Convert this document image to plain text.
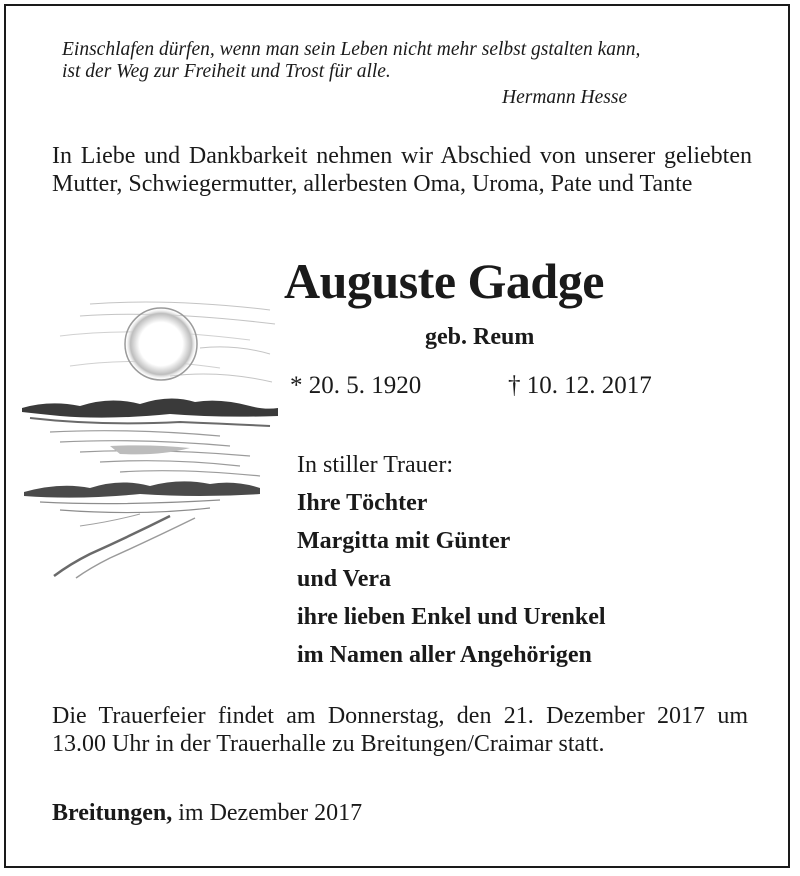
Einschlafen dürfen, wenn man sein Leben nicht mehr selbst gstalten kann,
ist der Weg zur Freiheit und Trost für alle.
Hermann Hesse
In Liebe und Dankbarkeit nehmen wir Abschied von unserer geliebten Mutter, Schwiegermutter, allerbesten Oma, Uroma, Pate und Tante
Auguste Gadge
geb. Reum
* 20. 5. 1920	† 10. 12. 2017
In stiller Trauer:
Ihre Töchter
Margitta mit Günter
und Vera
ihre lieben Enkel und Urenkel
im Namen aller Angehörigen
Die Trauerfeier findet am Donnerstag, den 21. Dezember 2017 um 13.00 Uhr in der Trauerhalle zu Breitungen/Craimar statt.
Breitungen, im Dezember 2017
